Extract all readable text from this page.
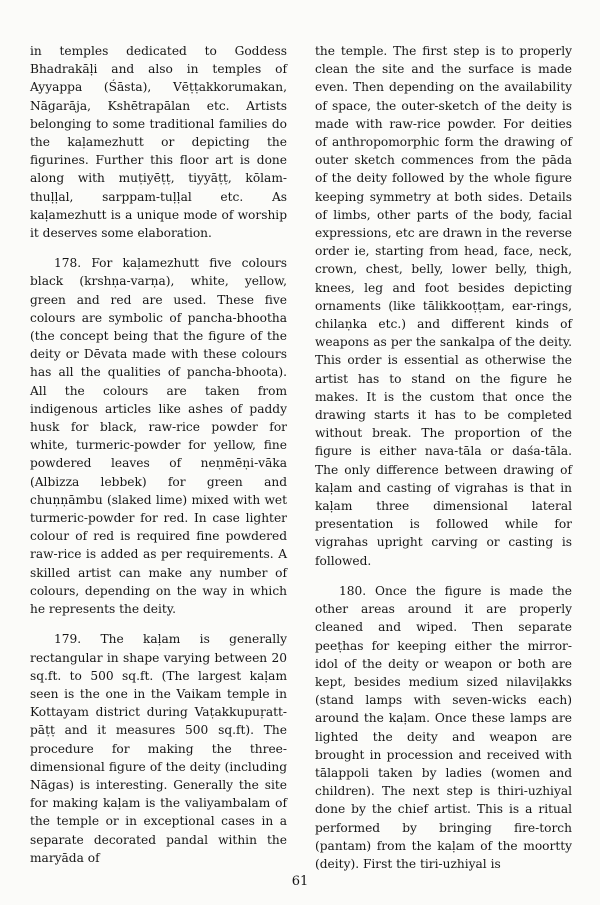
in temples dedicated to Goddess Bhadrakāḷi and also in temples of Ayyappa (Śāsta), Vēṭṭakkorumakan, Nāgarāja, Kshētrapālan etc. Artists belonging to some traditional families do the kaḷamezhutt or depicting the figurines. Further this floor art is done along with muṭiyēṭṭ, tiyyāṭṭ, kōlam-thuḷḷal, sarppam-tuḷḷal etc. As kaḷamezhutt is a unique mode of worship it deserves some elaboration.

178. For kaḷamezhutt five colours black (krshṇa-varṇa), white, yellow, green and red are used. These five colours are symbolic of pancha-bhootha (the concept being that the figure of the deity or Dēvata made with these colours has all the qualities of pancha-bhoota). All the colours are taken from indigenous articles like ashes of paddy husk for black, raw-rice powder for white, turmeric-powder for yellow, fine powdered leaves of neṇmēṇi-vāka (Albizza lebbek) for green and chuṇṇāmbu (slaked lime) mixed with wet turmeric-powder for red. In case lighter colour of red is required fine powdered raw-rice is added as per requirements. A skilled artist can make any number of colours, depending on the way in which he represents the deity.

179. The kaḷam is generally rectangular in shape varying between 20 sq.ft. to 500 sq.ft. (The largest kaḷam seen is the one in the Vaikam temple in Kottayam district during Vaṭakkupuṛatt-pāṭṭ and it measures 500 sq.ft). The procedure for making the three-dimensional figure of the deity (including Nāgas) is interesting. Generally the site for making kaḷam is the valiyambalam of the temple or in exceptional cases in a separate decorated pandal within the maryāda of

the temple. The first step is to properly clean the site and the surface is made even. Then depending on the availability of space, the outer-sketch of the deity is made with raw-rice powder. For deities of anthropomorphic form the drawing of outer sketch commences from the pāda of the deity followed by the whole figure keeping symmetry at both sides. Details of limbs, other parts of the body, facial expressions, etc are drawn in the reverse order ie, starting from head, face, neck, crown, chest, belly, lower belly, thigh, knees, leg and foot besides depicting ornaments (like tālikkooṭṭam, ear-rings, chilaṇka etc.) and different kinds of weapons as per the sankalpa of the deity. This order is essential as otherwise the artist has to stand on the figure he makes. It is the custom that once the drawing starts it has to be completed without break. The proportion of the figure is either nava-tāla or daśa-tāla. The only difference between drawing of kaḷam and casting of vigrahas is that in kaḷam three dimensional lateral presentation is followed while for vigrahas upright carving or casting is followed.

180. Once the figure is made the other areas around it are properly cleaned and wiped. Then separate peeṭhas for keeping either the mirror-idol of the deity or weapon or both are kept, besides medium sized nilaviḷakks (stand lamps with seven-wicks each) around the kaḷam. Once these lamps are lighted the deity and weapon are brought in procession and received with tālappoli taken by ladies (women and children). The next step is thiri-uzhiyal done by the chief artist. This is a ritual performed by bringing fire-torch (pantam) from the kaḷam of the moortty (deity). First the tiri-uzhiyal is

61
